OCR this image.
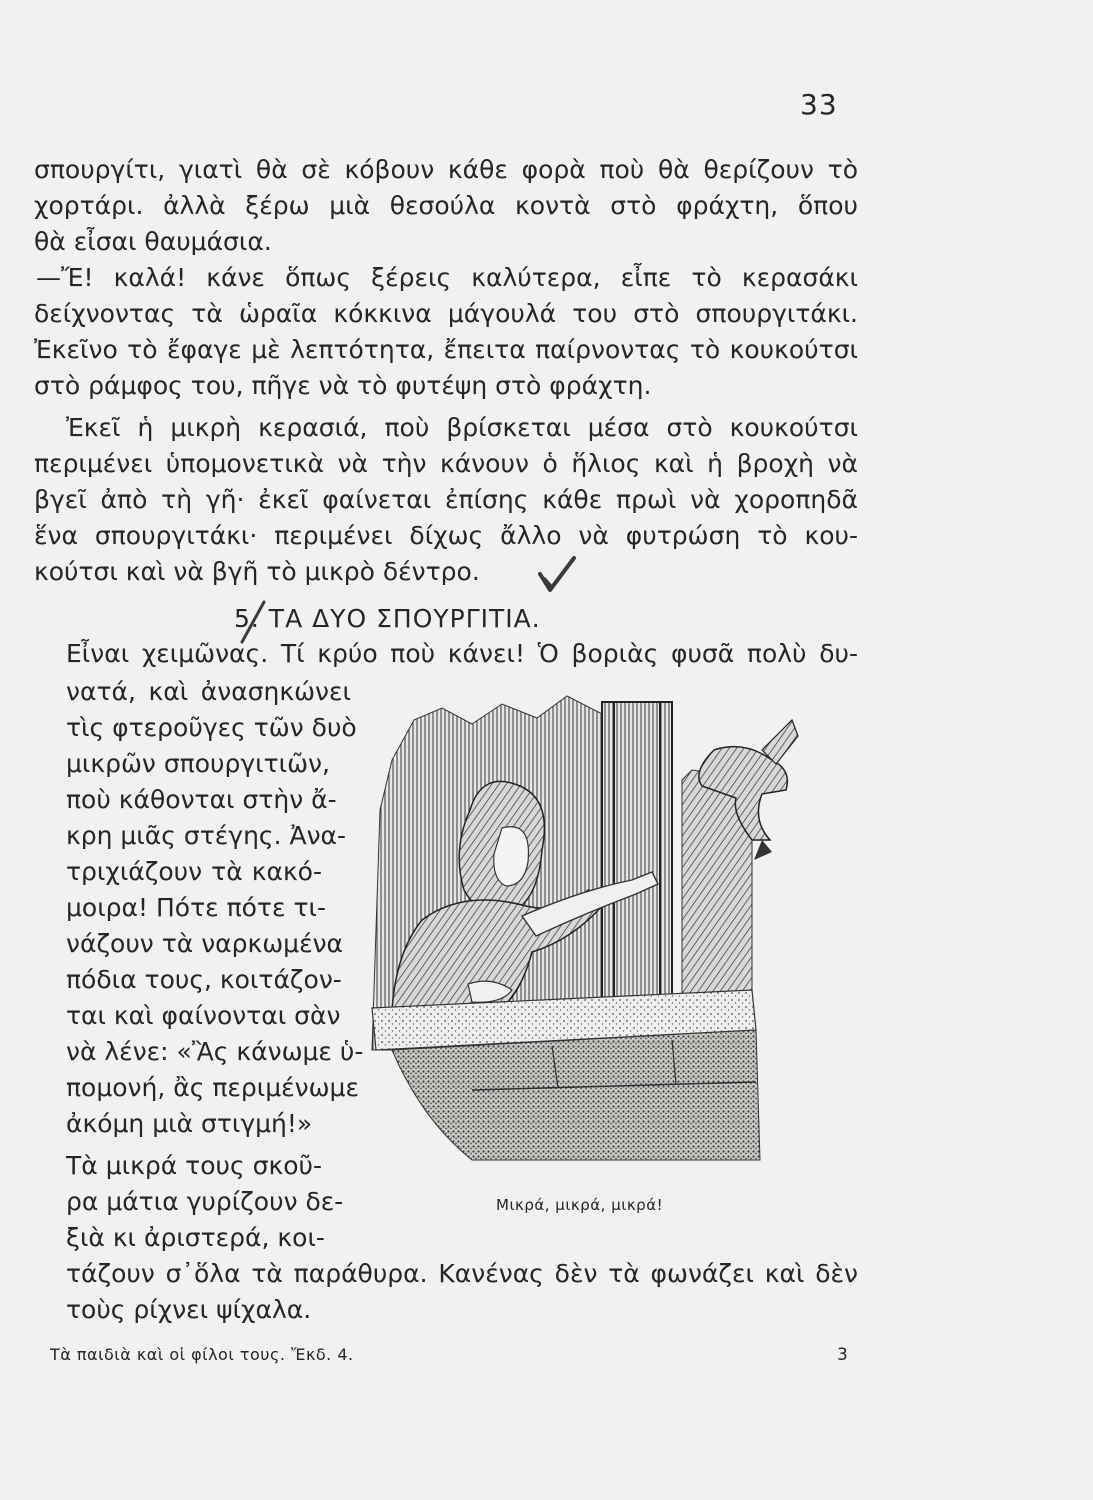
33
σπουργίτι, γιατὶ θὰ σὲ κόβουν κάθε φορὰ ποὺ θὰ θερίζουν τὸ
χορτάρι. ἀλλὰ ξέρω μιὰ θεσούλα κοντὰ στὸ φράχτη, ὅπου
θὰ εἶσαι θαυμάσια.
—Ἔ! καλά! κάνε ὅπως ξέρεις καλύτερα, εἶπε τὸ κερασάκι
δείχνοντας τὰ ὡραῖα κόκκινα μάγουλά του στὸ σπουργιτάκι.
Ἐκεῖνο τὸ ἔφαγε μὲ λεπτότητα, ἔπειτα παίρνοντας τὸ κουκούτσι
στὸ ράμφος του, πῆγε νὰ τὸ φυτέψη στὸ φράχτη.
Ἐκεῖ ἡ μικρὴ κερασιά, ποὺ βρίσκεται μέσα στὸ κουκούτσι
περιμένει ὑπομονετικὰ νὰ τὴν κάνουν ὁ ἥλιος καὶ ἡ βροχὴ νὰ
βγεῖ ἀπὸ τὴ γῆ· ἐκεῖ φαίνεται ἐπίσης κάθε πρωὶ νὰ χοροπηδᾶ
ἕνα σπουργιτάκι· περιμένει δίχως ἄλλο νὰ φυτρώση τὸ κου-
κούτσι καὶ νὰ βγῆ τὸ μικρὸ δέντρο.
5. ΤΑ ΔΥΟ ΣΠΟΥΡΓΙΤΙΑ.
Εἶναι χειμῶνας. Τί κρύο ποὺ κάνει! Ὁ βοριὰς φυσᾶ πολὺ δυ-
νατά, καὶ ἀνασηκώνει
τὶς φτεροῦγες τῶν δυὸ
μικρῶν σπουργιτιῶν,
ποὺ κάθονται στὴν ἄ-
κρη μιᾶς στέγης. Ἀνα-
τριχιάζουν τὰ κακό-
μοιρα! Πότε πότε τι-
νάζουν τὰ ναρκωμένα
πόδια τους, κοιτάζον-
ται καὶ φαίνονται σὰν
νὰ λένε: «Ἂς κάνωμε ὑ-
πομονή, ἂς περιμένωμε
ἀκόμη μιὰ στιγμή!»
Τὰ μικρά τους σκοῦ-
ρα μάτια γυρίζουν δε-
ξιὰ κι ἀριστερά, κοι-
τάζουν σ᾽ὅλα τὰ παράθυρα. Κανένας δὲν τὰ φωνάζει καὶ δὲν
τοὺς ρίχνει ψίχαλα.
Μικρά, μικρά, μικρά!
Τὰ παιδιὰ καὶ οἱ φίλοι τους. Ἔκδ. 4.	3
